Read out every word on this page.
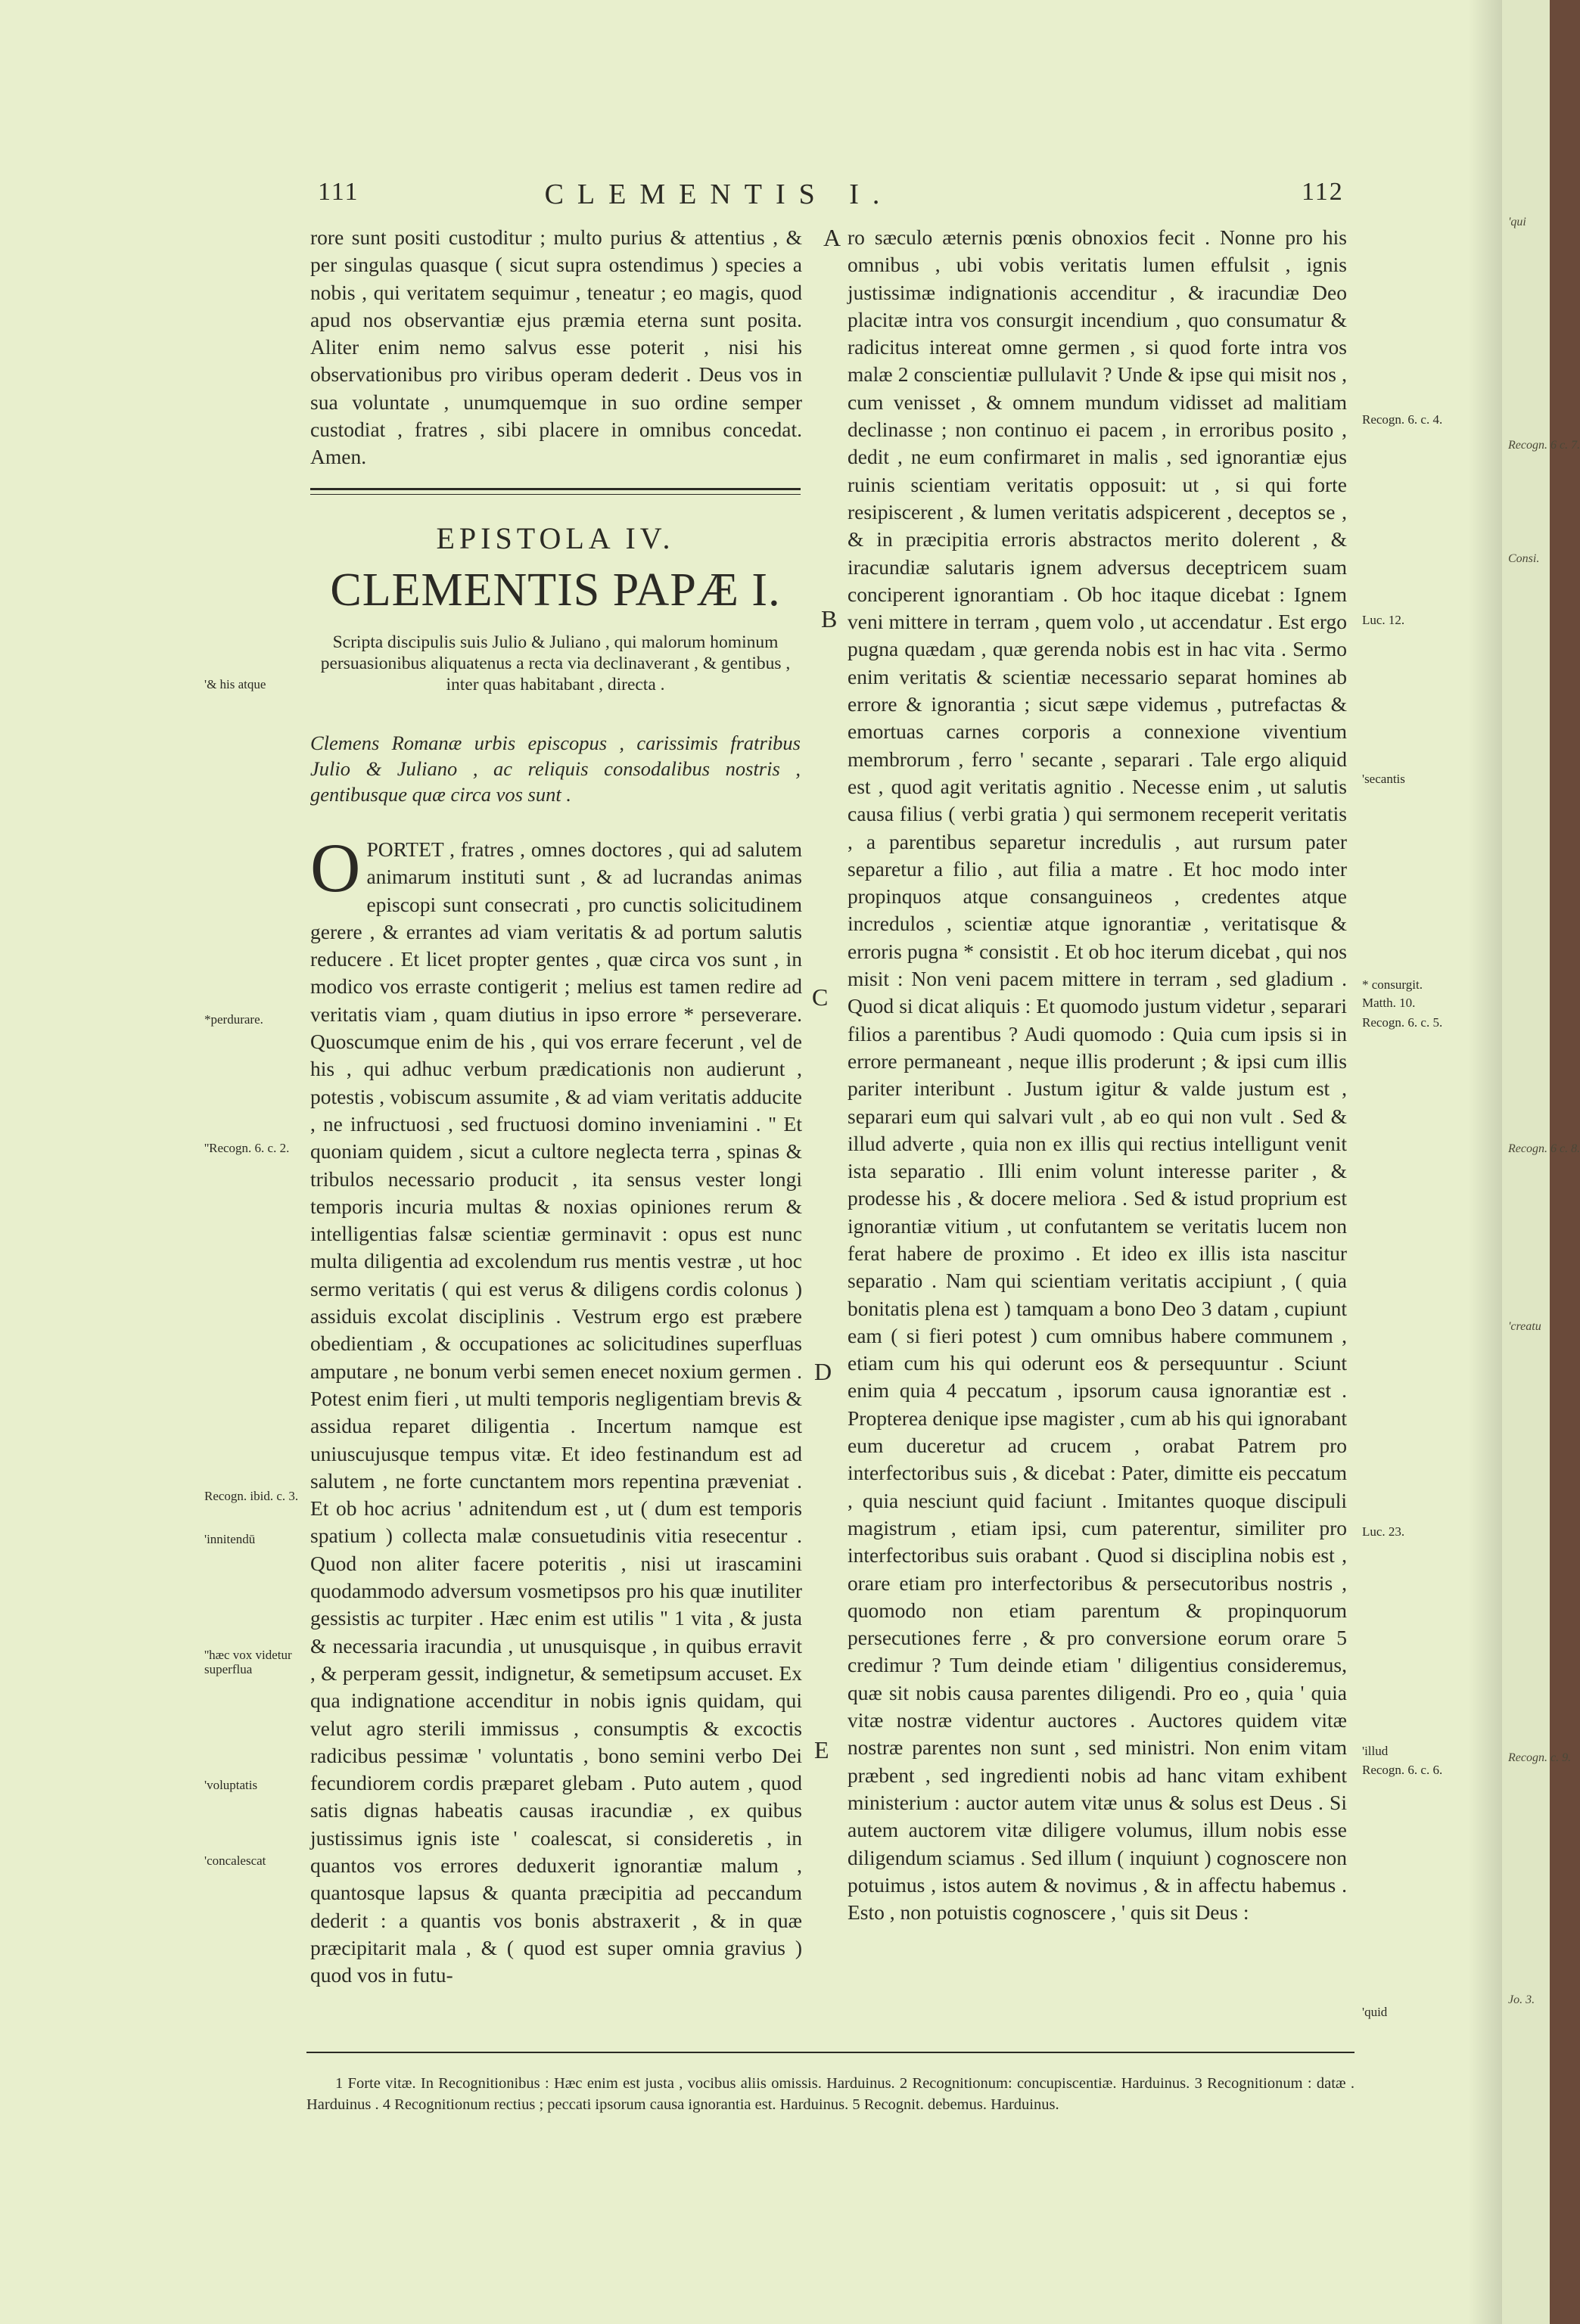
111	CLEMENTIS I.	112
rore sunt positi custoditur ; multo purius & attentius , & per singulas quasque ( sicut supra ostendimus ) species a nobis , qui veritatem sequimur , teneatur ; eo magis, quod apud nos observantiæ ejus præmia eterna sunt posita. Aliter enim nemo salvus esse poterit , nisi his observationibus pro viribus operam dederit . Deus vos in sua voluntate , unumquemque in suo ordine semper custodiat , fratres , sibi placere in omnibus concedat. Amen.
EPISTOLA IV.
CLEMENTIS PAPÆ I.
Scripta discipulis suis Julio & Juliano , qui malorum hominum persuasionibus aliquatenus a recta via declinaverant , & gentibus , inter quas habitabant , directa .
Clemens Romanæ urbis episcopus , carissimis fratribus Julio & Juliano , ac reliquis consodalibus nostris , gentibusque quæ circa vos sunt .
OPORTET , fratres , omnes doctores , qui ad salutem animarum instituti sunt , & ad lucrandas animas episcopi sunt consecrati , pro cunctis solicitudinem gerere , & errantes ad viam veritatis & ad portum salutis reducere . Et licet propter gentes , quæ circa vos sunt , in modico vos erraste contigerit ; melius est tamen redire ad veritatis viam , quam diutius in ipso errore * perseverare. Quoscumque enim de his , qui vos errare fecerunt , vel de his , qui adhuc verbum prædicationis non audierunt , potestis , vobiscum assumite , & ad viam veritatis adducite , ne infructuosi , sed fructuosi domino inveniamini . '' Et quoniam quidem , sicut a cultore neglecta terra , spinas & tribulos necessario producit , ita sensus vester longi temporis incuria multas & noxias opiniones rerum & intelligentias falsæ scientiæ germinavit : opus est nunc multa diligentia ad excolendum rus mentis vestræ , ut hoc sermo veritatis ( qui est verus & diligens cordis colonus ) assiduis excolat disciplinis . Vestrum ergo est præbere obedientiam , & occupationes ac solicitudines superfluas amputare , ne bonum verbi semen enecet noxium germen . Potest enim fieri , ut multi temporis negligentiam brevis & assidua reparet diligentia . Incertum namque est uniuscujusque tempus vitæ. Et ideo festinandum est ad salutem , ne forte cunctantem mors repentina præveniat . Et ob hoc acrius ' adnitendum est , ut ( dum est temporis spatium ) collecta malæ consuetudinis vitia resecentur . Quod non aliter facere poteritis , nisi ut irascamini quodammodo adversum vosmetipsos pro his quæ inutiliter gessistis ac turpiter . Hæc enim est utilis '' 1 vita , & justa & necessaria iracundia , ut unusquisque , in quibus erravit , & perperam gessit, indignetur, & semetipsum accuset. Ex qua indignatione accenditur in nobis ignis quidam, qui velut agro sterili immissus , consumptis & excoctis radicibus pessimæ ' voluntatis , bono semini verbo Dei fecundiorem cordis præparet glebam . Puto autem , quod satis dignas habeatis causas iracundiæ , ex quibus justissimus ignis iste ' coalescat, si consideretis , in quantos vos errores deduxerit ignorantiæ malum , quantosque lapsus & quanta præcipitia ad peccandum dederit : a quantis vos bonis abstraxerit , & in quæ præcipitarit mala , & ( quod est super omnia gravius ) quod vos in futu-
ro sæculo æternis pœnis obnoxios fecit . Nonne pro his omnibus , ubi vobis veritatis lumen effulsit , ignis justissimæ indignationis accenditur , & iracundiæ Deo placitæ intra vos consurgit incendium , quo consumatur & radicitus intereat omne germen , si quod forte intra vos malæ 2 conscientiæ pullulavit ? Unde & ipse qui misit nos , cum venisset , & omnem mundum vidisset ad malitiam declinasse ; non continuo ei pacem , in erroribus posito , dedit , ne eum confirmaret in malis , sed ignorantiæ ejus ruinis scientiam veritatis opposuit: ut , si qui forte resipiscerent , & lumen veritatis adspicerent , deceptos se , & in præcipitia erroris abstractos merito dolerent , & iracundiæ salutaris ignem adversus deceptricem suam conciperent ignorantiam . Ob hoc itaque dicebat : Ignem veni mittere in terram , quem volo , ut accendatur . Est ergo pugna quædam , quæ gerenda nobis est in hac vita . Sermo enim veritatis & scientiæ necessario separat homines ab errore & ignorantia ; sicut sæpe videmus , putrefactas & emortuas carnes corporis a connexione viventium membrorum , ferro ' secante , separari . Tale ergo aliquid est , quod agit veritatis agnitio . Necesse enim , ut salutis causa filius ( verbi gratia ) qui sermonem receperit veritatis , a parentibus separetur incredulis , aut rursum pater separetur a filio , aut filia a matre . Et hoc modo inter propinquos atque consanguineos , credentes atque incredulos , scientiæ atque ignorantiæ , veritatisque & erroris pugna * consistit . Et ob hoc iterum dicebat , qui nos misit : Non veni pacem mittere in terram , sed gladium . Quod si dicat aliquis : Et quomodo justum videtur , separari filios a parentibus ? Audi quomodo : Quia cum ipsis si in errore permaneant , neque illis proderunt ; & ipsi cum illis pariter interibunt . Justum igitur & valde justum est , separari eum qui salvari vult , ab eo qui non vult . Sed & illud adverte , quia non ex illis qui rectius intelligunt venit ista separatio . Illi enim volunt interesse pariter , & prodesse his , & docere meliora . Sed & istud proprium est ignorantiæ vitium , ut confutantem se veritatis lucem non ferat habere de proximo . Et ideo ex illis ista nascitur separatio . Nam qui scientiam veritatis accipiunt , ( quia bonitatis plena est ) tamquam a bono Deo 3 datam , cupiunt eam ( si fieri potest ) cum omnibus habere communem , etiam cum his qui oderunt eos & persequuntur . Sciunt enim quia 4 peccatum , ipsorum causa ignorantiæ est . Propterea denique ipse magister , cum ab his qui ignorabant eum duceretur ad crucem , orabat Patrem pro interfectoribus suis , & dicebat : Pater, dimitte eis peccatum , quia nesciunt quid faciunt . Imitantes quoque discipuli magistrum , etiam ipsi, cum paterentur, similiter pro interfectoribus suis orabant . Quod si disciplina nobis est , orare etiam pro interfectoribus & persecutoribus nostris , quomodo non etiam parentum & propinquorum persecutiones ferre , & pro conversione eorum orare 5 credimur ? Tum deinde etiam ' diligentius consideremus, quæ sit nobis causa parentes diligendi. Pro eo , quia ' quia vitæ nostræ videntur auctores . Auctores quidem vitæ nostræ parentes non sunt , sed ministri. Non enim vitam præbent , sed ingredienti nobis ad hanc vitam exhibent ministerium : auctor autem vitæ unus & solus est Deus . Si autem auctorem vitæ diligere volumus, illum nobis esse diligendum sciamus . Sed illum ( inquiunt ) cognoscere non potuimus , istos autem & novimus , & in affectu habemus . Esto , non potuistis cognoscere , ' quis sit Deus :
A
B
C
D
E
'& his atque
*perdurare.
''Recogn. 6. c. 2.
Recogn. ibid. c. 3.
'innitendū
''hæc vox videtur superflua
'voluptatis
'concalescat
Recogn. 6. c. 4.
Luc. 12.
'secantis
* consurgit.
Matth. 10.
Recogn. 6. c. 5.
Luc. 23.
'illud
Recogn. 6. c. 6.
'quid

1 Forte vitæ. In Recognitionibus : Hæc enim est justa , vocibus aliis omissis. Harduinus. 2 Recognitionum: concupiscentiæ. Harduinus. 3 Recognitionum : datæ . Harduinus . 4 Recognitionum rectius ; peccati ipsorum causa ignorantia est. Harduinus. 5 Recognit. debemus. Harduinus.

'qui
Recogn. 6 c. 7.
Consi.
Recogn. 6 c. 8.
'creatu
Recogn. c. 9.
Jo. 3.
